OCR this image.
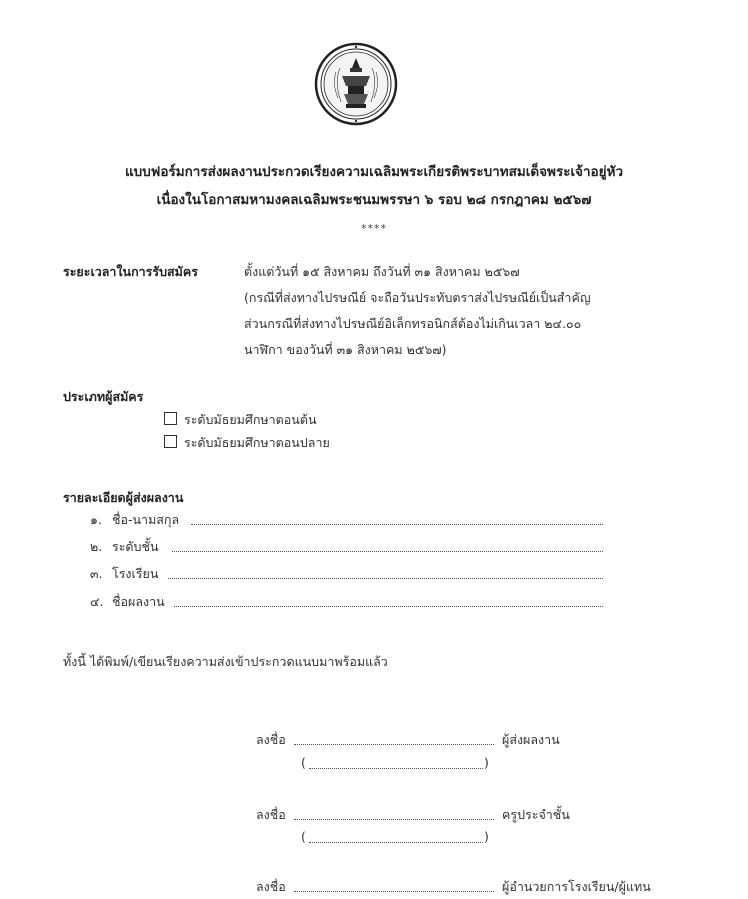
แบบฟอร์มการส่งผลงานประกวดเรียงความเฉลิมพระเกียรติพระบาทสมเด็จพระเจ้าอยู่หัว
เนื่องในโอกาสมหามงคลเฉลิมพระชนมพรรษา ๖ รอบ ๒๘ กรกฎาคม ๒๕๖๗
****
ระยะเวลาในการรับสมัคร	ตั้งแต่วันที่ ๑๕ สิงหาคม ถึงวันที่ ๓๑ สิงหาคม ๒๕๖๗
(กรณีที่ส่งทางไปรษณีย์ จะถือวันประทับตราส่งไปรษณีย์เป็นสำคัญ
ส่วนกรณีที่ส่งทางไปรษณีย์อิเล็กทรอนิกส์ต้องไม่เกินเวลา ๒๔.๐๐
นาฬิกา ของวันที่ ๓๑ สิงหาคม ๒๕๖๗)
ประเภทผู้สมัคร
ระดับมัธยมศึกษาตอนต้น
ระดับมัธยมศึกษาตอนปลาย
รายละเอียดผู้ส่งผลงาน
๑. ชื่อ-นามสกุล
๒. ระดับชั้น
๓. โรงเรียน
๔. ชื่อผลงาน
ทั้งนี้ ได้พิมพ์/เขียนเรียงความส่งเข้าประกวดแนบมาพร้อมแล้ว
ลงชื่อ	ผู้ส่งผลงาน
(	)
ลงชื่อ	ครูประจำชั้น
(	)
ลงชื่อ	ผู้อำนวยการโรงเรียน/ผู้แทน
